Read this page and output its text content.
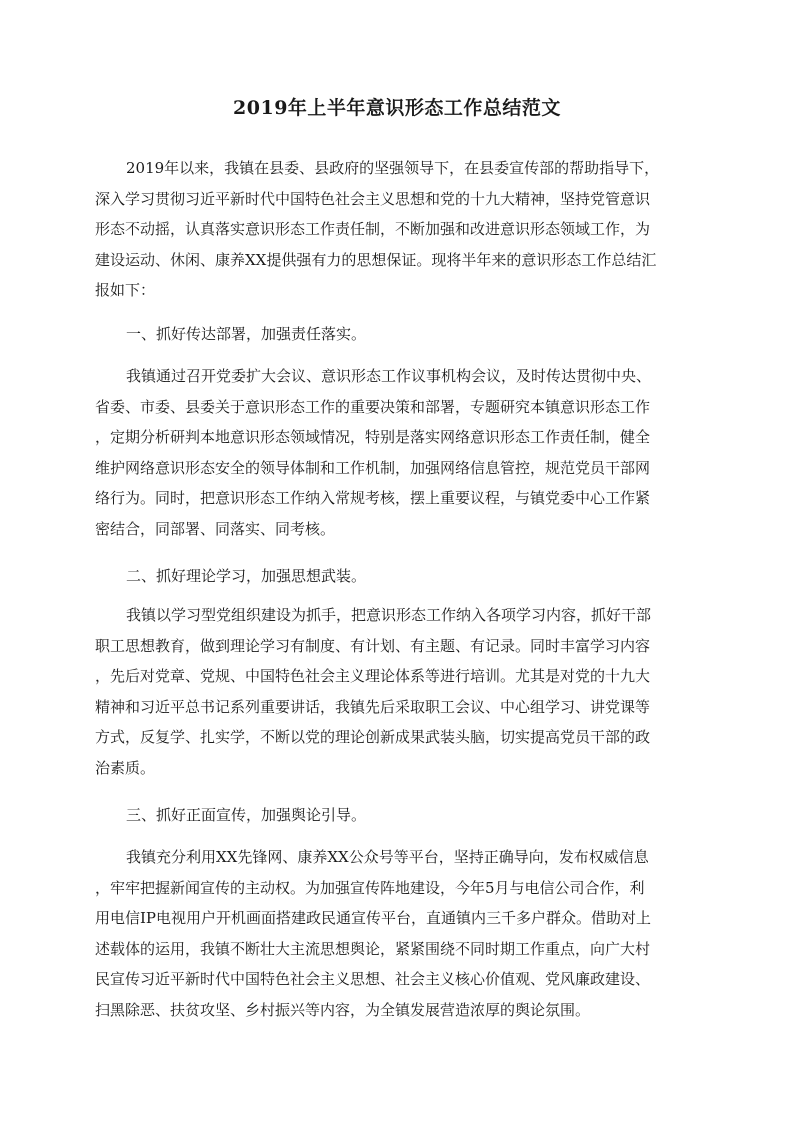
2019年上半年意识形态工作总结范文

2019年以来，我镇在县委、县政府的坚强领导下，在县委宣传部的帮助指导下，
深入学习贯彻习近平新时代中国特色社会主义思想和党的十九大精神，坚持党管意识
形态不动摇，认真落实意识形态工作责任制，不断加强和改进意识形态领域工作，为
建设运动、休闲、康养XX提供强有力的思想保证。现将半年来的意识形态工作总结汇
报如下：

一、抓好传达部署，加强责任落实。

我镇通过召开党委扩大会议、意识形态工作议事机构会议，及时传达贯彻中央、
省委、市委、县委关于意识形态工作的重要决策和部署，专题研究本镇意识形态工作
，定期分析研判本地意识形态领域情况，特别是落实网络意识形态工作责任制，健全
维护网络意识形态安全的领导体制和工作机制，加强网络信息管控，规范党员干部网
络行为。同时，把意识形态工作纳入常规考核，摆上重要议程，与镇党委中心工作紧
密结合，同部署、同落实、同考核。

二、抓好理论学习，加强思想武装。

我镇以学习型党组织建设为抓手，把意识形态工作纳入各项学习内容，抓好干部
职工思想教育，做到理论学习有制度、有计划、有主题、有记录。同时丰富学习内容
，先后对党章、党规、中国特色社会主义理论体系等进行培训。尤其是对党的十九大
精神和习近平总书记系列重要讲话，我镇先后采取职工会议、中心组学习、讲党课等
方式，反复学、扎实学，不断以党的理论创新成果武装头脑，切实提高党员干部的政
治素质。

三、抓好正面宣传，加强舆论引导。

我镇充分利用XX先锋网、康养XX公众号等平台，坚持正确导向，发布权威信息
，牢牢把握新闻宣传的主动权。为加强宣传阵地建设，今年5月与电信公司合作，利
用电信IP电视用户开机画面搭建政民通宣传平台，直通镇内三千多户群众。借助对上
述载体的运用，我镇不断壮大主流思想舆论，紧紧围绕不同时期工作重点，向广大村
民宣传习近平新时代中国特色社会主义思想、社会主义核心价值观、党风廉政建设、
扫黑除恶、扶贫攻坚、乡村振兴等内容，为全镇发展营造浓厚的舆论氛围。
